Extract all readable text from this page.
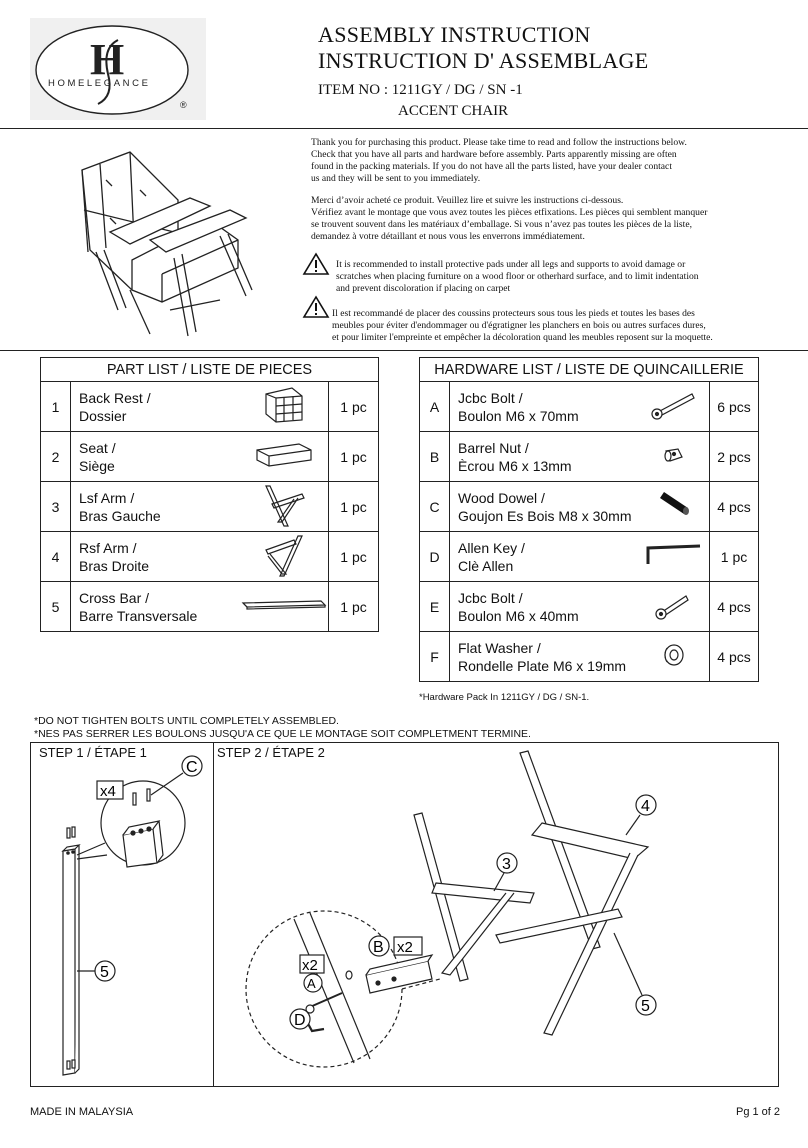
H
HOMELEGANCE
®
ASSEMBLY INSTRUCTION
INSTRUCTION D' ASSEMBLAGE
ITEM NO : 1211GY / DG / SN -1
ACCENT CHAIR
Thank you for purchasing this product. Please take time to read and follow the instructions below.
Check that you have all parts and hardware before assembly. Parts apparently missing are often
found in the packing materials. If you do not have all the parts listed, have your dealer contact
us and they will be sent to you immediately.
Merci d’avoir acheté ce produit. Veuillez lire et suivre les instructions ci-dessous.
Vérifiez avant le montage que vous avez toutes les pièces etfixations. Les pièces qui semblent manquer
se trouvent souvent dans les matériaux d’emballage. Si vous n’avez pas toutes les pièces de la liste,
demandez à votre détaillant et nous vous les enverrons immédiatement.
It is recommended to install protective pads under all legs and supports to avoid damage or
scratches when placing furniture on a wood floor or otherhard surface, and to limit indentation
and prevent discoloration if placing on carpet
Il est recommandé de placer des coussins protecteurs sous tous les pieds et toutes les bases des
meubles pour éviter d'endommager ou d'égratigner les planchers en bois ou autres surfaces dures,
et pour limiter l'empreinte et empêcher la décoloration quand les meubles reposent sur la moquette.
PART LIST / LISTE DE PIECES			
1	Back Rest /
Dossier		1 pc
2	Seat /
Siège		1 pc
3	Lsf Arm /
Bras Gauche		1 pc
4	Rsf Arm /
Bras Droite		1 pc
5	Cross Bar /
Barre Transversale		1 pc
HARDWARE LIST / LISTE DE QUINCAILLERIE			
A	Jcbc Bolt /
Boulon M6 x 70mm		6 pcs
B	Barrel Nut /
Ècrou M6 x 13mm		2 pcs
C	Wood Dowel /
Goujon Es Bois M8 x 30mm		4 pcs
D	Allen Key /
Clè Allen		1 pc
E	Jcbc Bolt /
Boulon M6 x 40mm		4 pcs
F	Flat Washer /
Rondelle Plate M6 x 19mm		4 pcs
*Hardware Pack In 1211GY / DG / SN-1.
*DO NOT TIGHTEN BOLTS UNTIL COMPLETELY ASSEMBLED.
*NES PAS SERRER LES BOULONS JUSQU'A CE QUE LE MONTAGE SOIT COMPLETMENT TERMINE.
STEP 1 / ÉTAPE 1	STEP 2 / ÉTAPE 2
x4
C
5
3
4
5
B x2
x2
A
D
MADE IN MALAYSIA	Pg 1 of 2
